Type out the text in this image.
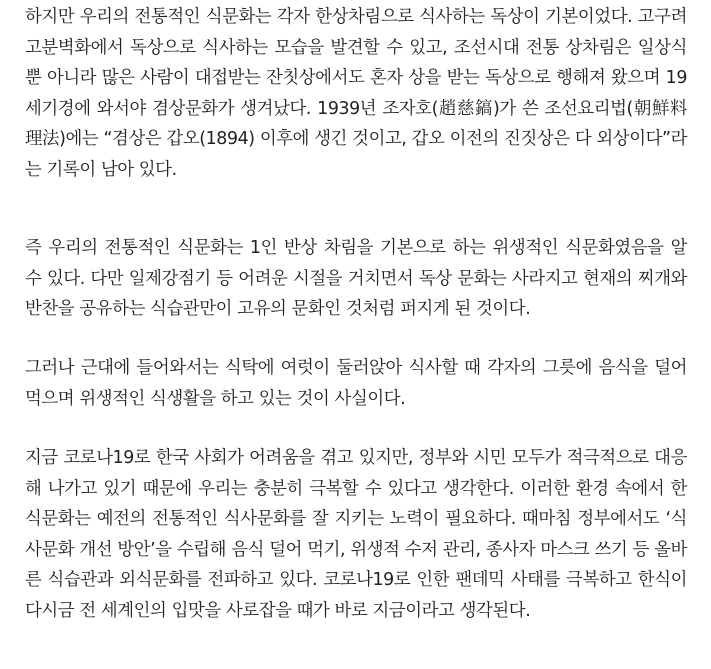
하지만 우리의 전통적인 식문화는 각자 한상차림으로 식사하는 독상이 기본이었다. 고구려
고분벽화에서 독상으로 식사하는 모습을 발견할 수 있고, 조선시대 전통 상차림은 일상식
뿐 아니라 많은 사람이 대접받는 잔칫상에서도 혼자 상을 받는 독상으로 행해져 왔으며 19
세기경에 와서야 겸상문화가 생겨났다. 1939년 조자호(趙慈鎬)가 쓴 조선요리법(朝鮮料
理法)에는 “겸상은 갑오(1894) 이후에 생긴 것이고, 갑오 이전의 진짓상은 다 외상이다”라
는 기록이 남아 있다.

즉 우리의 전통적인 식문화는 1인 반상 차림을 기본으로 하는 위생적인 식문화였음을 알
수 있다. 다만 일제강점기 등 어려운 시절을 거치면서 독상 문화는 사라지고 현재의 찌개와
반찬을 공유하는 식습관만이 고유의 문화인 것처럼 퍼지게 된 것이다.

그러나 근대에 들어와서는 식탁에 여럿이 둘러앉아 식사할 때 각자의 그릇에 음식을 덜어
먹으며 위생적인 식생활을 하고 있는 것이 사실이다.

지금 코로나19로 한국 사회가 어려움을 겪고 있지만, 정부와 시민 모두가 적극적으로 대응
해 나가고 있기 때문에 우리는 충분히 극복할 수 있다고 생각한다. 이러한 환경 속에서 한
식문화는 예전의 전통적인 식사문화를 잘 지키는 노력이 필요하다. 때마침 정부에서도 ‘식
사문화 개선 방안’을 수립해 음식 덜어 먹기, 위생적 수저 관리, 종사자 마스크 쓰기 등 올바
른 식습관과 외식문화를 전파하고 있다. 코로나19로 인한 팬데믹 사태를 극복하고 한식이
다시금 전 세계인의 입맛을 사로잡을 때가 바로 지금이라고 생각된다.
